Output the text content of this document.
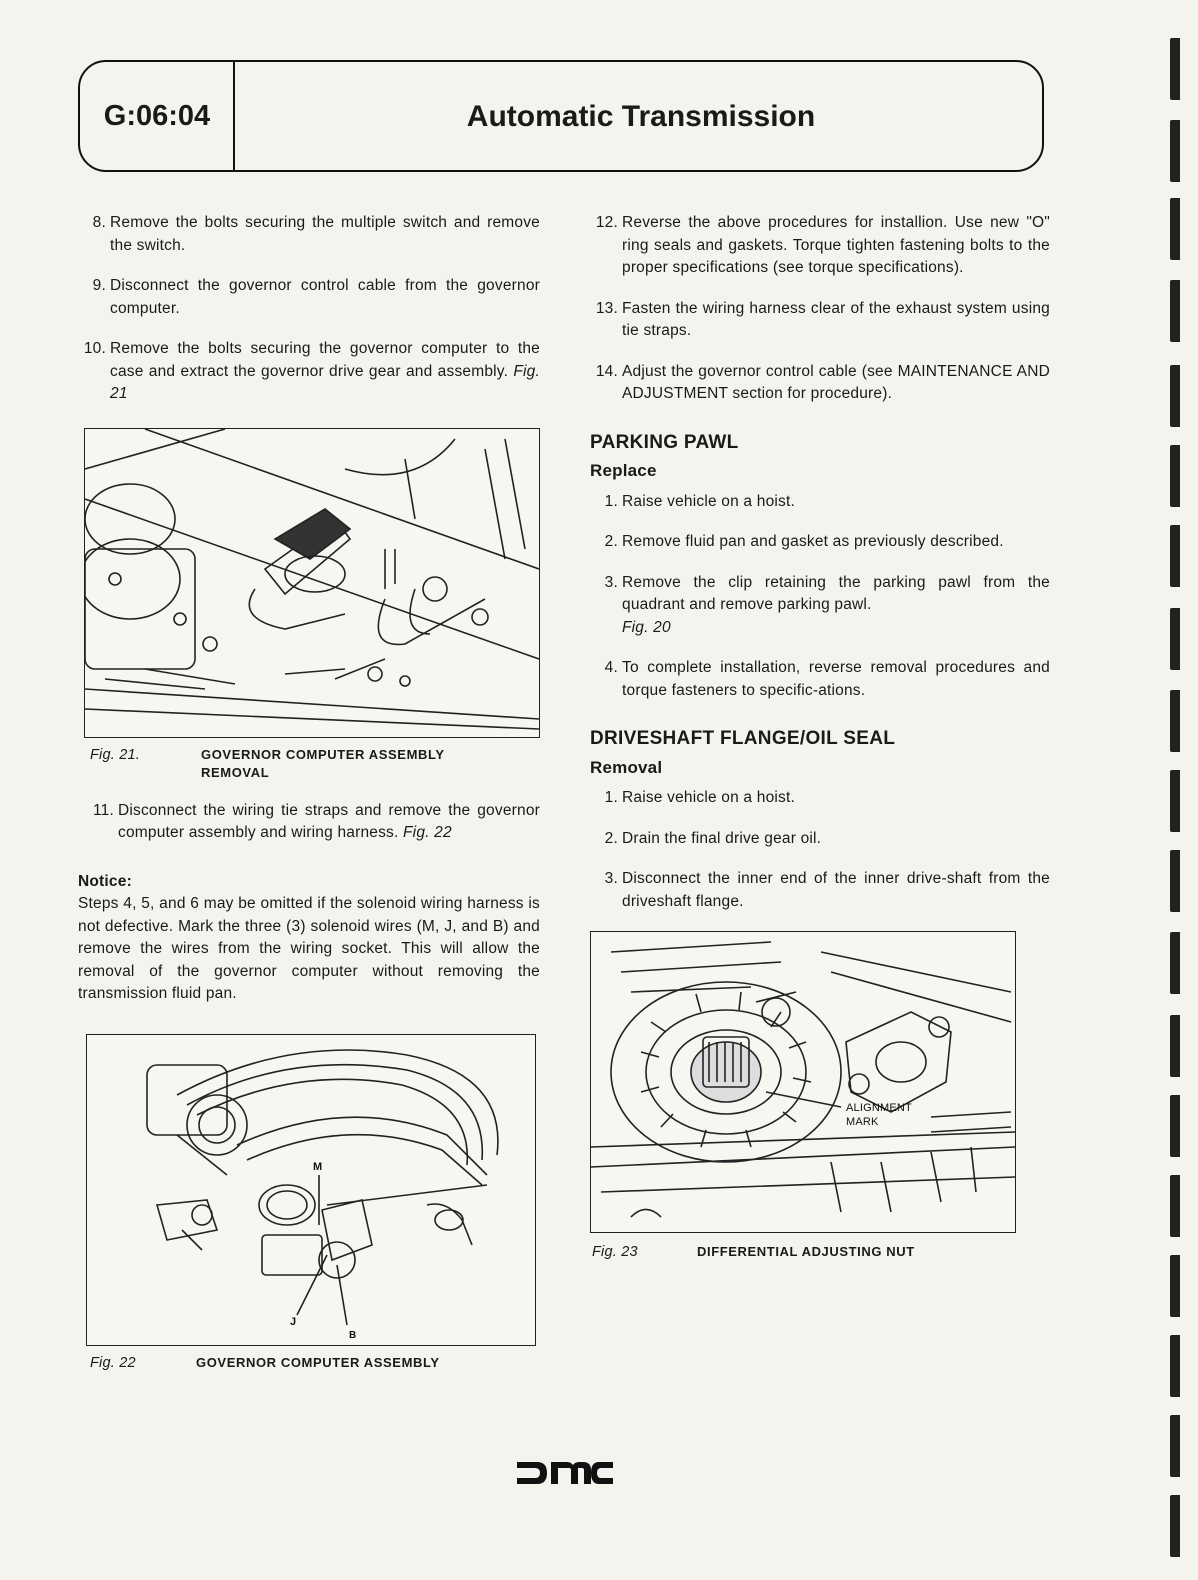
G:06:04	Automatic Transmission
8. Remove the bolts securing the multiple switch and remove the switch.
9. Disconnect the governor control cable from the governor computer.
10. Remove the bolts securing the governor computer to the case and extract the governor drive gear and assembly. Fig. 21
Fig. 21.	GOVERNOR COMPUTER ASSEMBLY
REMOVAL
11. Disconnect the wiring tie straps and remove the governor computer assembly and wiring harness. Fig. 22
Notice:
Steps 4, 5, and 6 may be omitted if the solenoid wiring harness is not defective. Mark the three (3) solenoid wires (M, J, and B) and remove the wires from the wiring socket. This will allow the removal of the governor computer without removing the transmission fluid pan.
M
J
B
Fig. 22	GOVERNOR COMPUTER ASSEMBLY
12. Reverse the above procedures for installion. Use new "O" ring seals and gaskets. Torque tighten fastening bolts to the proper specifications (see torque specifications).
13. Fasten the wiring harness clear of the exhaust system using tie straps.
14. Adjust the governor control cable (see MAINTENANCE AND ADJUSTMENT section for procedure).
PARKING PAWL
Replace
1. Raise vehicle on a hoist.
2. Remove fluid pan and gasket as previously described.
3. Remove the clip retaining the parking pawl from the quadrant and remove parking pawl.
Fig. 20
4. To complete installation, reverse removal procedures and torque fasteners to specific-ations.
DRIVESHAFT FLANGE/OIL SEAL
Removal
1. Raise vehicle on a hoist.
2. Drain the final drive gear oil.
3. Disconnect the inner end of the inner drive-shaft from the driveshaft flange.
ALIGNMENT
MARK
Fig. 23	DIFFERENTIAL ADJUSTING NUT
